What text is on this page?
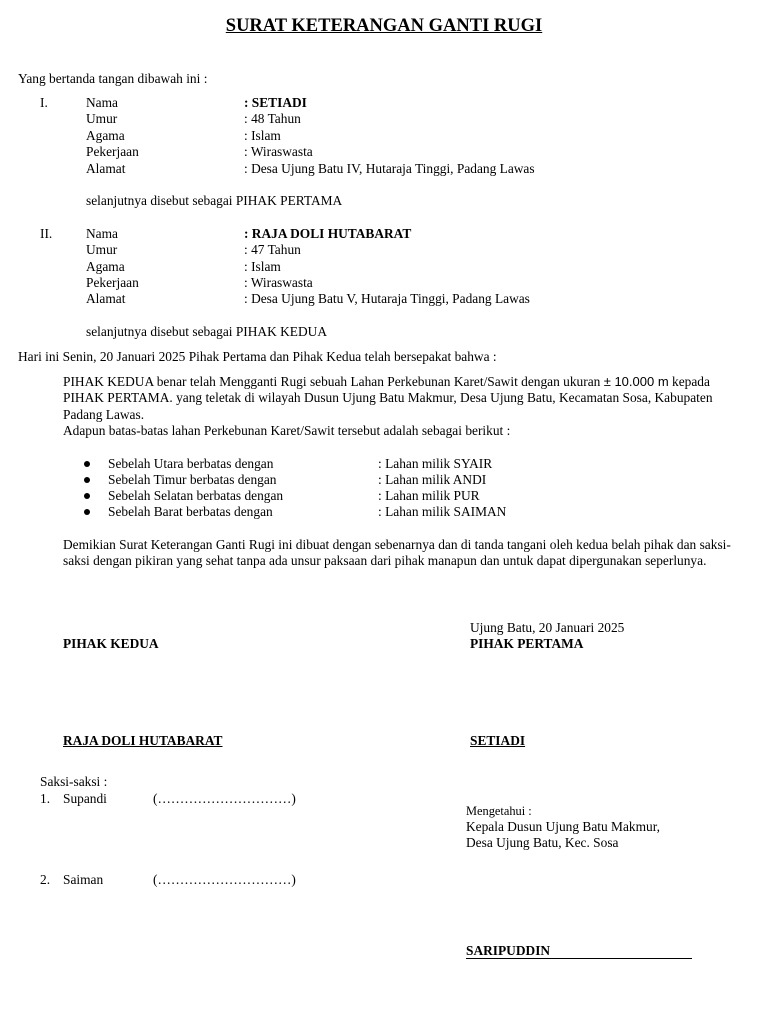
SURAT KETERANGAN GANTI RUGI
Yang bertanda tangan dibawah ini :
I.	Nama	: SETIADI
Umur	: 48 Tahun
Agama	: Islam
Pekerjaan	: Wiraswasta
Alamat	: Desa Ujung Batu IV, Hutaraja Tinggi, Padang Lawas
selanjutnya disebut sebagai PIHAK PERTAMA
II.	Nama	: RAJA DOLI HUTABARAT
Umur	: 47 Tahun
Agama	: Islam
Pekerjaan	: Wiraswasta
Alamat	: Desa Ujung Batu V, Hutaraja Tinggi, Padang Lawas
selanjutnya disebut sebagai PIHAK KEDUA
Hari ini Senin, 20 Januari 2025 Pihak Pertama dan Pihak Kedua telah bersepakat bahwa :
PIHAK KEDUA benar telah Mengganti Rugi sebuah Lahan Perkebunan Karet/Sawit dengan ukuran ± 10.000 m kepada PIHAK PERTAMA. yang teletak di wilayah Dusun Ujung Batu Makmur, Desa Ujung Batu, Kecamatan Sosa, Kabupaten Padang Lawas.
Adapun batas-batas lahan Perkebunan Karet/Sawit tersebut adalah sebagai berikut :
Sebelah Utara berbatas dengan	: Lahan milik SYAIR
Sebelah Timur berbatas dengan	: Lahan milik ANDI
Sebelah Selatan berbatas dengan	: Lahan milik PUR
Sebelah Barat berbatas dengan	: Lahan milik SAIMAN
Demikian Surat Keterangan Ganti Rugi ini dibuat dengan sebenarnya dan di tanda tangani oleh kedua belah pihak dan saksi-saksi dengan pikiran yang sehat tanpa ada unsur paksaan dari pihak manapun dan untuk dapat dipergunakan seperlunya.
Ujung Batu, 20 Januari 2025
PIHAK KEDUA	PIHAK PERTAMA
RAJA DOLI HUTABARAT	SETIADI
Saksi-saksi :
1. Supandi	(…………………………)
2. Saiman	(…………………………)
Mengetahui :
Kepala Dusun Ujung Batu Makmur,
Desa Ujung Batu, Kec. Sosa
SARIPUDDIN
